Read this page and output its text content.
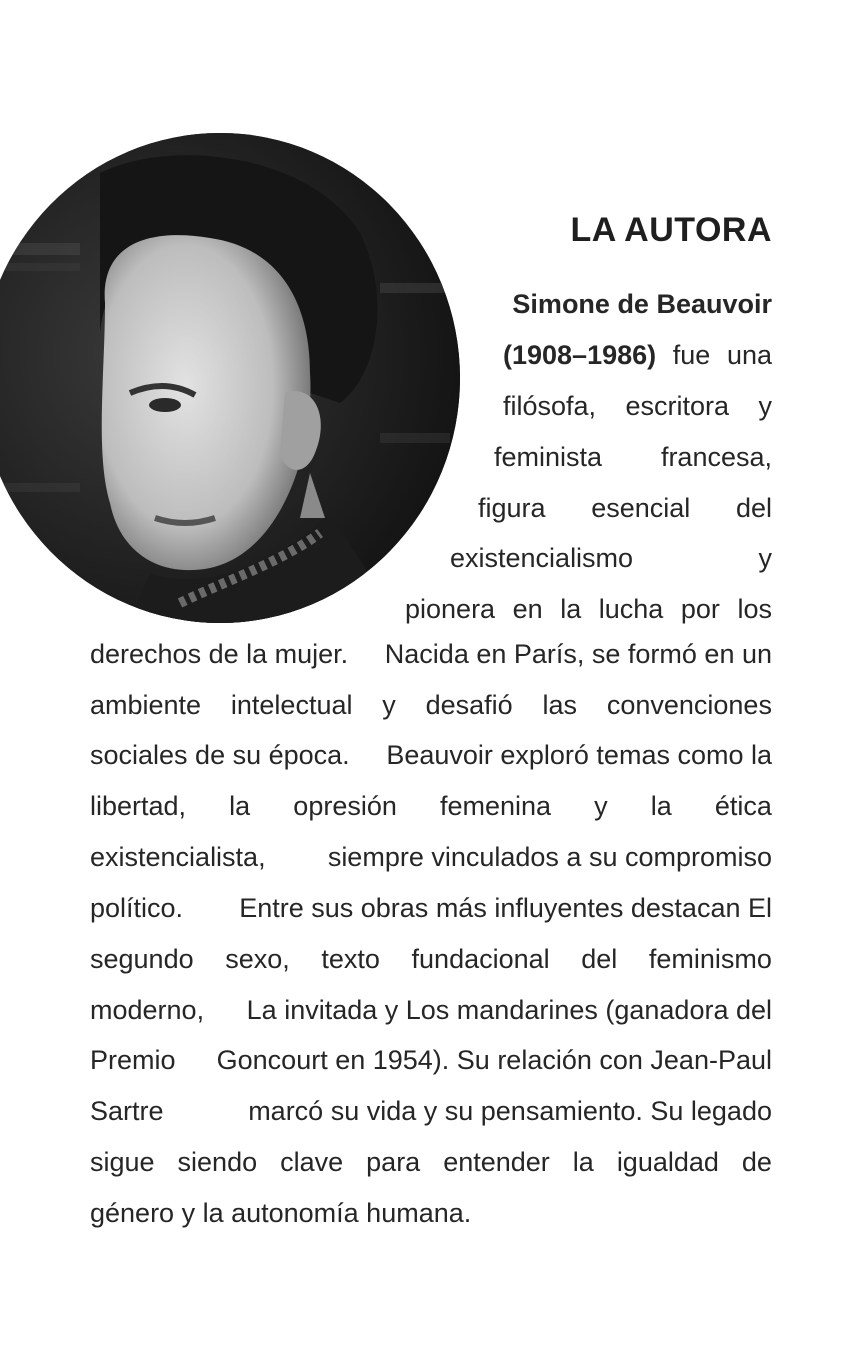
LA AUTORA
Simone de Beauvoir
(1908–1986) fue una
filósofa, escritora y
feminista francesa,
figura esencial del
existencialismo	y
pionera en la lucha por los
derechos de la mujer. Nacida en París, se formó en un
ambiente intelectual y desafió las convenciones
sociales de su época. Beauvoir exploró temas como la
libertad, la opresión femenina y la ética
existencialista, siempre vinculados a su compromiso
político. Entre sus obras más influyentes destacan El
segundo sexo, texto fundacional del feminismo
moderno, La invitada y Los mandarines (ganadora del
Premio Goncourt en 1954). Su relación con Jean-Paul
Sartre	marcó su vida y su pensamiento. Su legado
sigue siendo clave para entender la igualdad de
género y la autonomía humana.
